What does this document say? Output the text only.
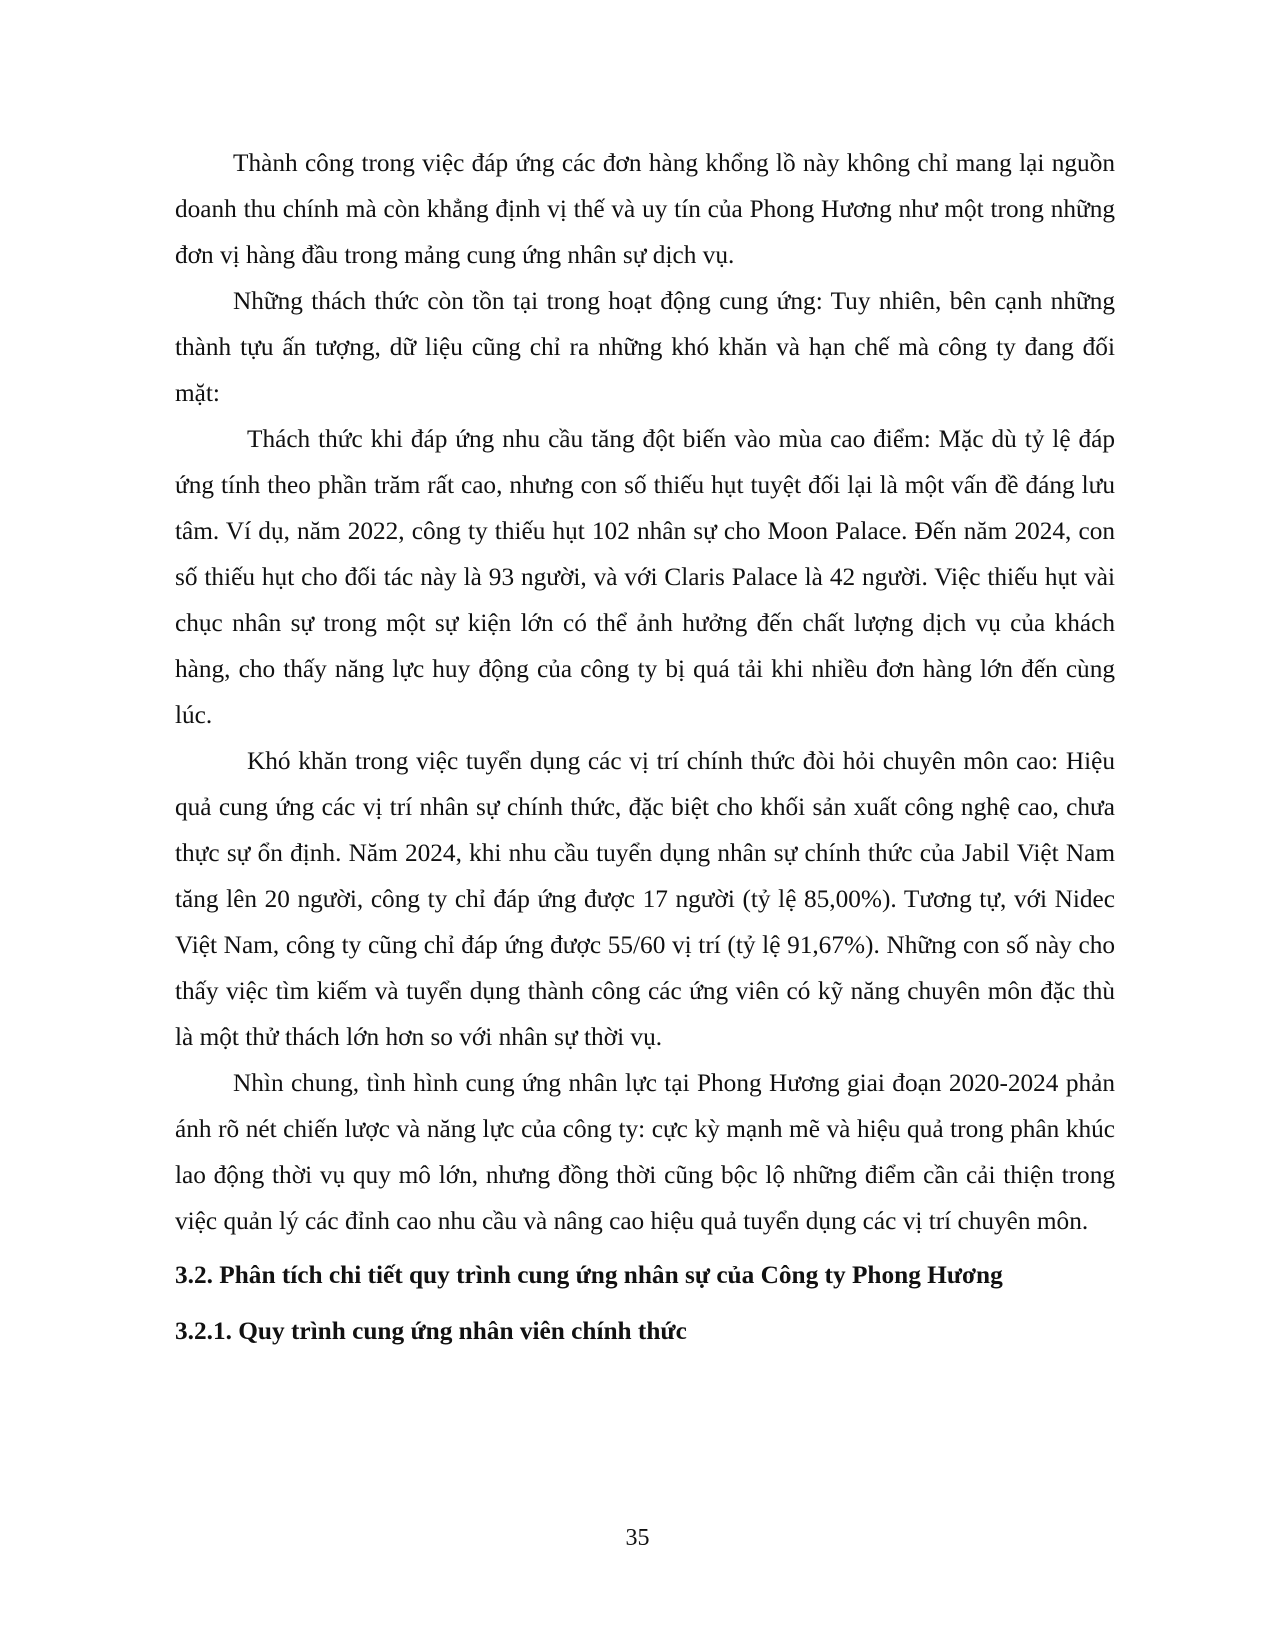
Thành công trong việc đáp ứng các đơn hàng khổng lồ này không chỉ mang lại nguồn doanh thu chính mà còn khẳng định vị thế và uy tín của Phong Hương như một trong những đơn vị hàng đầu trong mảng cung ứng nhân sự dịch vụ.

Những thách thức còn tồn tại trong hoạt động cung ứng: Tuy nhiên, bên cạnh những thành tựu ấn tượng, dữ liệu cũng chỉ ra những khó khăn và hạn chế mà công ty đang đối mặt:

Thách thức khi đáp ứng nhu cầu tăng đột biến vào mùa cao điểm: Mặc dù tỷ lệ đáp ứng tính theo phần trăm rất cao, nhưng con số thiếu hụt tuyệt đối lại là một vấn đề đáng lưu tâm. Ví dụ, năm 2022, công ty thiếu hụt 102 nhân sự cho Moon Palace. Đến năm 2024, con số thiếu hụt cho đối tác này là 93 người, và với Claris Palace là 42 người. Việc thiếu hụt vài chục nhân sự trong một sự kiện lớn có thể ảnh hưởng đến chất lượng dịch vụ của khách hàng, cho thấy năng lực huy động của công ty bị quá tải khi nhiều đơn hàng lớn đến cùng lúc.

Khó khăn trong việc tuyển dụng các vị trí chính thức đòi hỏi chuyên môn cao: Hiệu quả cung ứng các vị trí nhân sự chính thức, đặc biệt cho khối sản xuất công nghệ cao, chưa thực sự ổn định. Năm 2024, khi nhu cầu tuyển dụng nhân sự chính thức của Jabil Việt Nam tăng lên 20 người, công ty chỉ đáp ứng được 17 người (tỷ lệ 85,00%). Tương tự, với Nidec Việt Nam, công ty cũng chỉ đáp ứng được 55/60 vị trí (tỷ lệ 91,67%). Những con số này cho thấy việc tìm kiếm và tuyển dụng thành công các ứng viên có kỹ năng chuyên môn đặc thù là một thử thách lớn hơn so với nhân sự thời vụ.

Nhìn chung, tình hình cung ứng nhân lực tại Phong Hương giai đoạn 2020-2024 phản ánh rõ nét chiến lược và năng lực của công ty: cực kỳ mạnh mẽ và hiệu quả trong phân khúc lao động thời vụ quy mô lớn, nhưng đồng thời cũng bộc lộ những điểm cần cải thiện trong việc quản lý các đỉnh cao nhu cầu và nâng cao hiệu quả tuyển dụng các vị trí chuyên môn.

3.2. Phân tích chi tiết quy trình cung ứng nhân sự của Công ty Phong Hương
3.2.1. Quy trình cung ứng nhân viên chính thức
35
